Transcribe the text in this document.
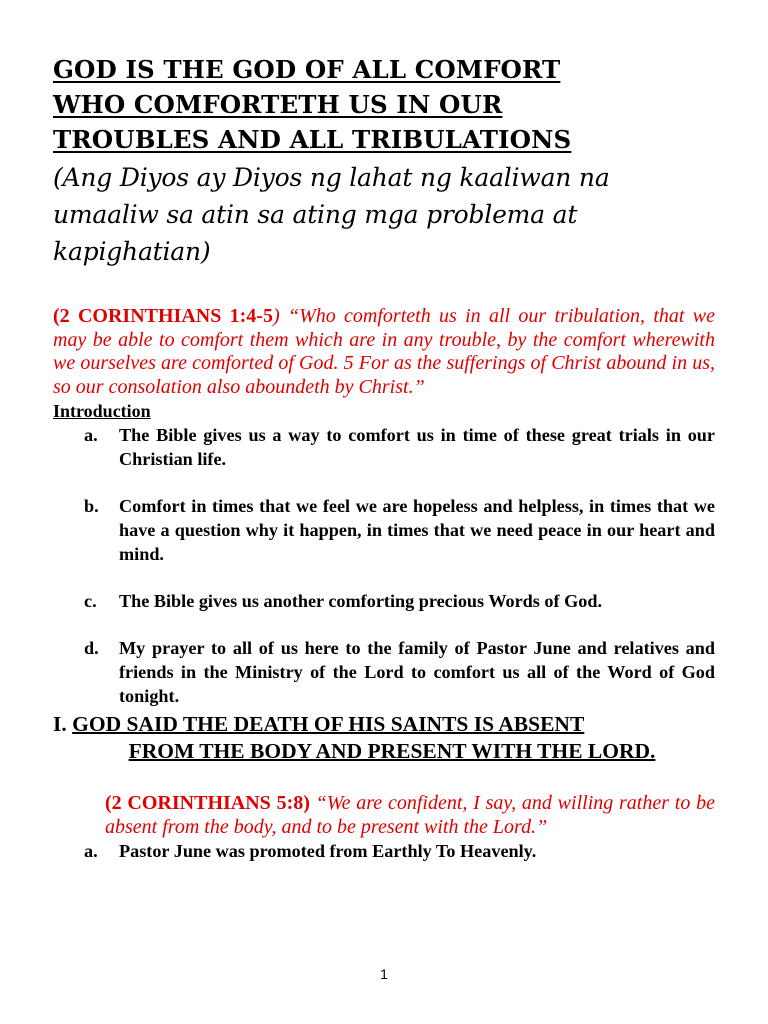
GOD IS THE GOD OF ALL COMFORT
WHO COMFORTETH US IN OUR
TROUBLES AND ALL TRIBULATIONS

(Ang Diyos ay Diyos ng lahat ng kaaliwan na umaaliw sa atin sa ating mga problema at kapighatian)

(2 CORINTHIANS 1:4-5) “Who comforteth us in all our tribulation, that we may be able to comfort them which are in any trouble, by the comfort wherewith we ourselves are comforted of God. 5 For as the sufferings of Christ abound in us, so our consolation also aboundeth by Christ.”

Introduction

a. The Bible gives us a way to comfort us in time of these great trials in our Christian life.
b. Comfort in times that we feel we are hopeless and helpless, in times that we have a question why it happen, in times that we need peace in our heart and mind.
c. The Bible gives us another comforting precious Words of God.
d. My prayer to all of us here to the family of Pastor June and relatives and friends in the Ministry of the Lord to comfort us all of the Word of God tonight.

I. GOD SAID THE DEATH OF HIS SAINTS IS ABSENT
FROM THE BODY AND PRESENT WITH THE LORD.

(2 CORINTHIANS 5:8) “We are confident, I say, and willing rather to be absent from the body, and to be present with the Lord.”

a. Pastor June was promoted from Earthly To Heavenly.
1
